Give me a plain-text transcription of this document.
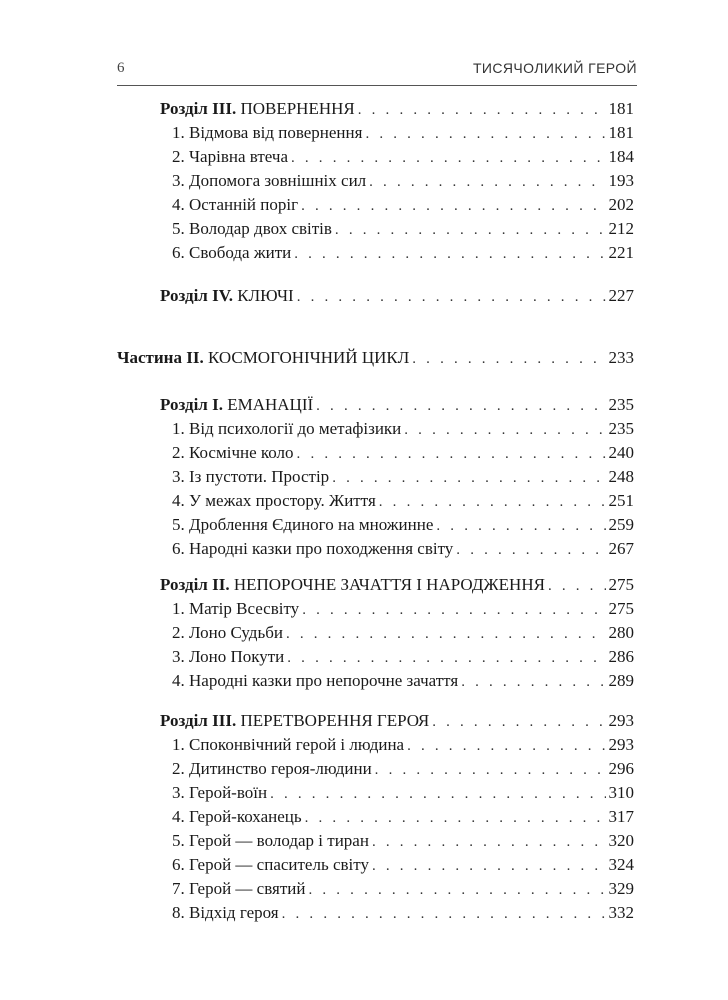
6	ТИСЯЧОЛИКИЙ ГЕРОЙ
Розділ ІІІ. ПОВЕРНЕННЯ . . .	181
1. Відмова від повернення . . .	181
2. Чарівна втеча . . .	184
3. Допомога зовнішніх сил . . .	193
4. Останній поріг . . .	202
5. Володар двох світів . . .	212
6. Свобода жити . . .	221
Розділ IV. КЛЮЧІ . . .	227
Частина ІІ. КОСМОГОНІЧНИЙ ЦИКЛ . . .	233
Розділ І. ЕМАНАЦІЇ . . .	235
1. Від психології до метафізики . . .	235
2. Космічне коло . . .	240
3. Із пустоти. Простір . . .	248
4. У межах простору. Життя . . .	251
5. Дроблення Єдиного на множинне . . .	259
6. Народні казки про походження світу . . .	267
Розділ ІІ. НЕПОРОЧНЕ ЗАЧАТТЯ І НАРОДЖЕННЯ . . .	275
1. Матір Всесвіту . . .	275
2. Лоно Судьби . . .	280
3. Лоно Покути . . .	286
4. Народні казки про непорочне зачаття . . .	289
Розділ ІІІ. ПЕРЕТВОРЕННЯ ГЕРОЯ . . .	293
1. Споконвічний герой і людина . . .	293
2. Дитинство героя-людини . . .	296
3. Герой-воїн . . .	310
4. Герой-коханець . . .	317
5. Герой — володар і тиран . . .	320
6. Герой — спаситель світу . . .	324
7. Герой — святий . . .	329
8. Відхід героя . . .	332
